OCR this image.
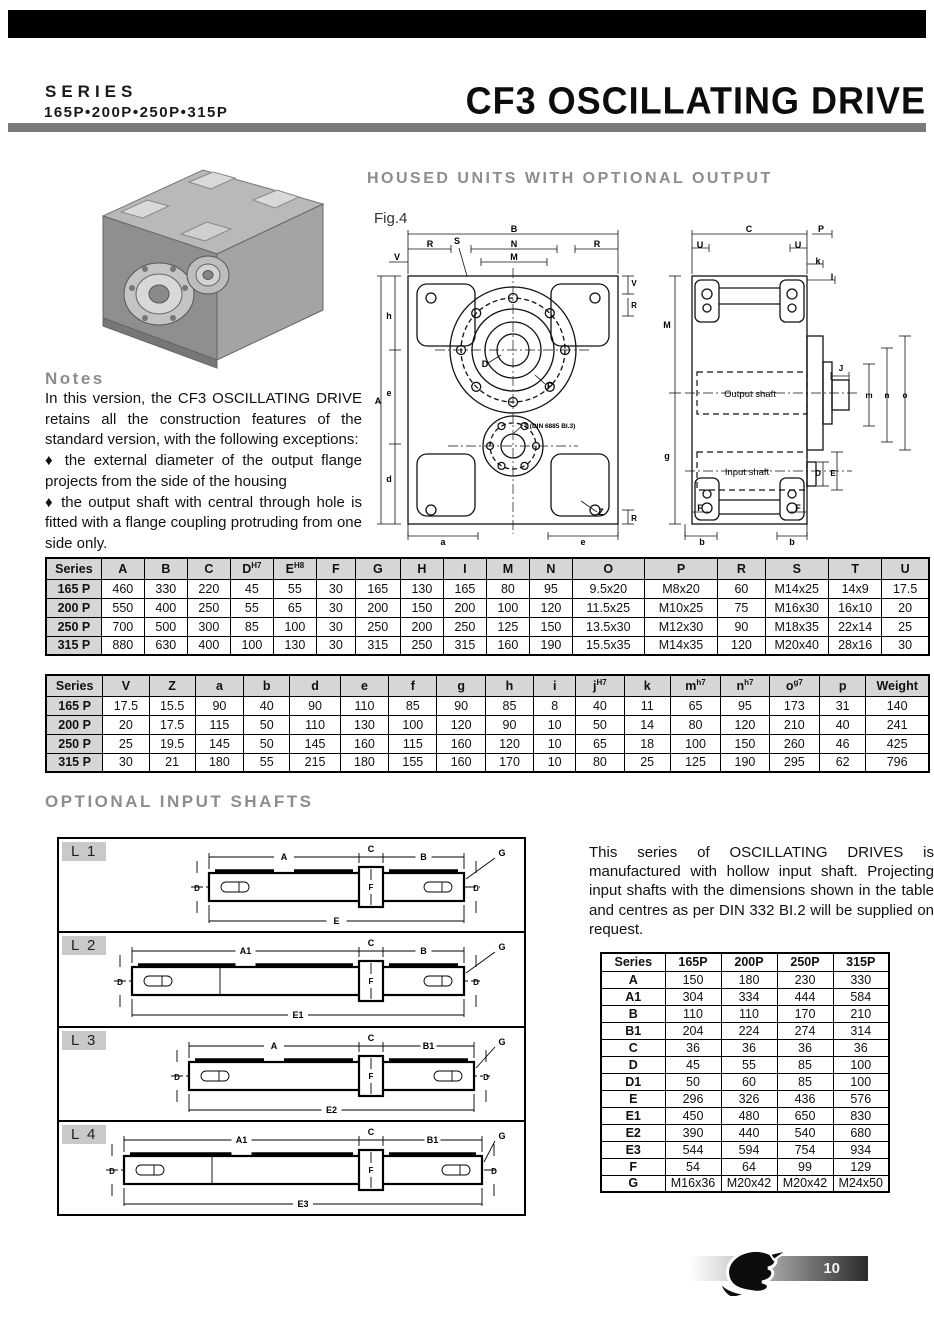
SERIES
165P•200P•250P•315P	CF3 OSCILLATING DRIVE
HOUSED UNITS WITH OPTIONAL OUTPUT
Fig.4
B
R	N	R
S
V	M
V
R
h
e
d
A
D
P
T (DIN 6885 BI.3)
Z
R
a	e
Output shaft
Input shaft
C	P
U	U
k
I
M
g
J
m n o
D E
F	F
b	b
Notes
In this version, the CF3 OSCILLATING DRIVE retains all the construction features of the standard version, with the following exceptions:
♦ the external diameter of the output flange projects from the side of the housing
♦ the output shaft with central through hole is fitted with a flange coupling protruding from one side only.
Series	A	B	C	$D^{H7}$	$E^{H8}$	F	G	H	I	M	N	O	P	R	S	T	U
165 P	460	330	220	45	55	30	165	130	165	80	95	9.5x20	M8x20	60	M14x25	14x9	17.5
200 P	550	400	250	55	65	30	200	150	200	100	120	11.5x25	M10x25	75	M16x30	16x10	20
250 P	700	500	300	85	100	30	250	200	250	125	150	13.5x30	M12x30	90	M18x35	22x14	25
315 P	880	630	400	100	130	30	315	250	315	160	190	15.5x35	M14x35	120	M20x40	28x16	30
Series	V	Z	a	b	d	e	f	g	h	i	$j^{H7}$	k	$m^{h7}$	$n^{h7}$	$o^{g7}$	p	Weight
165 P	17.5	15.5	90	40	90	110	85	90	85	8	40	11	65	95	173	31	140
200 P	20	17.5	115	50	110	130	100	120	90	10	50	14	80	120	210	40	241
250 P	25	19.5	145	50	145	160	115	160	120	10	65	18	100	150	260	46	425
315 P	30	21	180	55	215	180	155	160	170	10	80	25	125	190	295	62	796
OPTIONAL INPUT SHAFTS
L 1	A
C
B
E
D	D
F
G
L 2	A1
C
B
E1
D	D
F
G
L 3	A
C
B1
E2
D	D
F
G
L 4	A1
C
B1
E3
D	D
F
G
This series of OSCILLATING DRIVES is manufactured with hollow input shaft. Projecting input shafts with the dimensions shown in the table and centres as per DIN 332 BI.2 will be supplied on request.
Series	165P	200P	250P	315P
A	150	180	230	330
A1	304	334	444	584
B	110	110	170	210
B1	204	224	274	314
C	36	36	36	36
D	45	55	85	100
D1	50	60	85	100
E	296	326	436	576
E1	450	480	650	830
E2	390	440	540	680
E3	544	594	754	934
F	54	64	99	129
G	M16x36	M20x42	M20x42	M24x50
10
